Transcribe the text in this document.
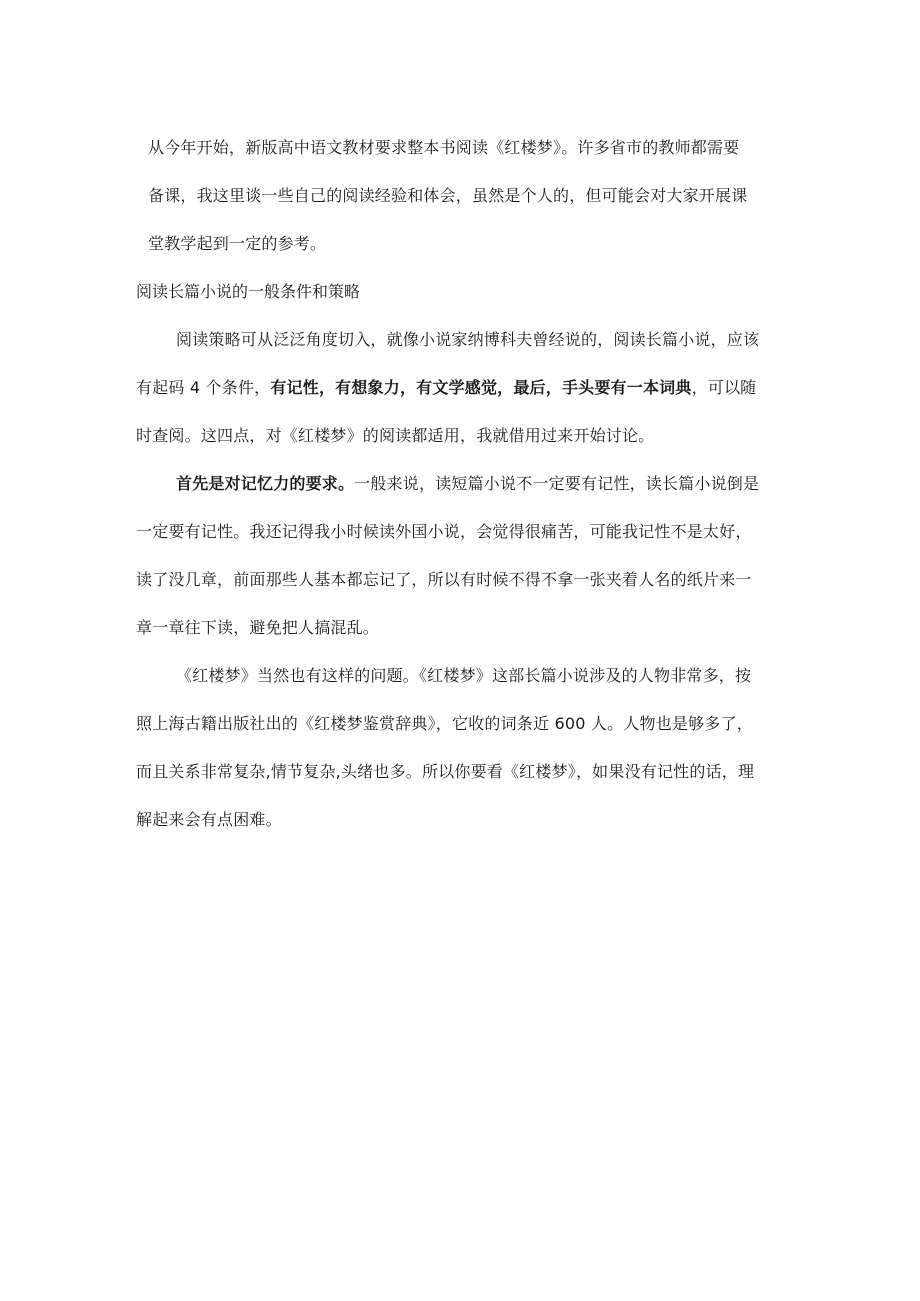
从今年开始，新版高中语文教材要求整本书阅读《红楼梦》。许多省市的教师都需要
备课，我这里谈一些自己的阅读经验和体会，虽然是个人的，但可能会对大家开展课
堂教学起到一定的参考。

阅读长篇小说的一般条件和策略

阅读策略可从泛泛角度切入，就像小说家纳博科夫曾经说的，阅读长篇小说，应该
有起码 4 个条件，有记性，有想象力，有文学感觉，最后，手头要有一本词典，可以随
时查阅。这四点，对《红楼梦》的阅读都适用，我就借用过来开始讨论。

首先是对记忆力的要求。一般来说，读短篇小说不一定要有记性，读长篇小说倒是
一定要有记性。我还记得我小时候读外国小说，会觉得很痛苦，可能我记性不是太好，
读了没几章，前面那些人基本都忘记了，所以有时候不得不拿一张夹着人名的纸片来一
章一章往下读，避免把人搞混乱。

《红楼梦》当然也有这样的问题。《红楼梦》这部长篇小说涉及的人物非常多，按
照上海古籍出版社出的《红楼梦鉴赏辞典》，它收的词条近 600 人。人物也是够多了，
而且关系非常复杂,情节复杂,头绪也多。所以你要看《红楼梦》，如果没有记性的话，理
解起来会有点困难。
